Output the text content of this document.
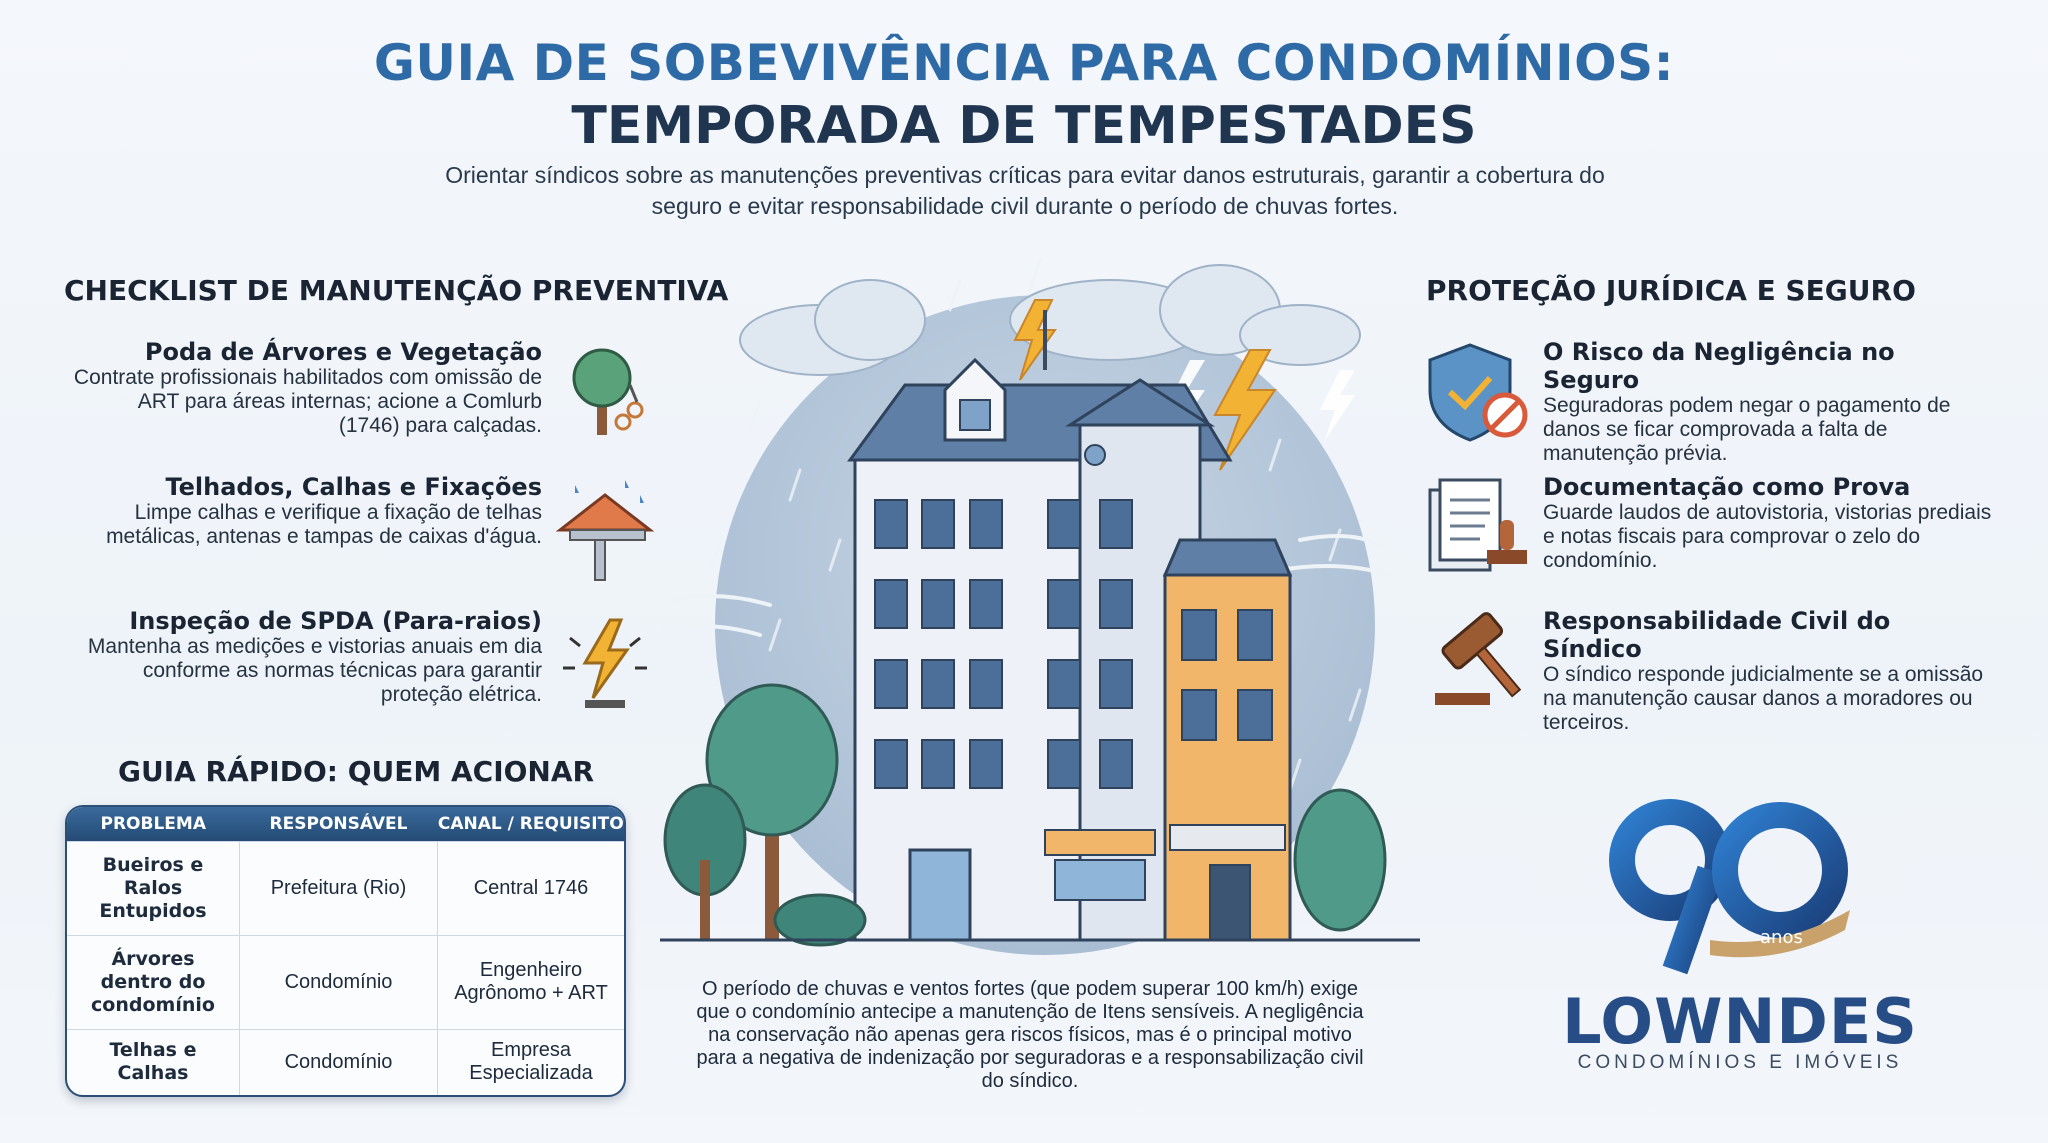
GUIA DE SOBEVIVÊNCIA PARA CONDOMÍNIOS:
TEMPORADA DE TEMPESTADES
Orientar síndicos sobre as manutenções preventivas críticas para evitar danos estruturais, garantir a cobertura do seguro e evitar responsabilidade civil durante o período de chuvas fortes.
CHECKLIST DE MANUTENÇÃO PREVENTIVA
Poda de Árvores e Vegetação
Contrate profissionais habilitados com omissão de ART para áreas internas; acione a Comlurb (1746) para calçadas.
Telhados, Calhas e Fixações
Limpe calhas e verifique a fixação de telhas metálicas, antenas e tampas de caixas d'água.
Inspeção de SPDA (Para-raios)
Mantenha as medições e vistorias anuais em dia conforme as normas técnicas para garantir proteção elétrica.
GUIA RÁPIDO: QUEM ACIONAR
PROBLEMA	RESPONSÁVEL	CANAL / REQUISITO
Bueiros e Ralos Entupidos	Prefeitura (Rio)	Central 1746
Árvores dentro do condomínio	Condomínio	Engenheiro Agrônomo + ART
Telhas e Calhas	Condomínio	Empresa Especializada
PROTEÇÃO JURÍDICA E SEGURO
O Risco da Negligência no Seguro
Seguradoras podem negar o pagamento de danos se ficar comprovada a falta de manutenção prévia.
Documentação como Prova
Guarde laudos de autovistoria, vistorias prediais e notas fiscais para comprovar o zelo do condomínio.
Responsabilidade Civil do Síndico
O síndico responde judicialmente se a omissão na manutenção causar danos a moradores ou terceiros.
O período de chuvas e ventos fortes (que podem superar 100 km/h) exige que o condomínio antecipe a manutenção de Itens sensíveis. A negligência na conservação não apenas gera riscos físicos, mas é o principal motivo para a negativa de indenização por seguradoras e a responsabilização civil do síndico.
anos
LOWNDES
CONDOMÍNIOS E IMÓVEIS
